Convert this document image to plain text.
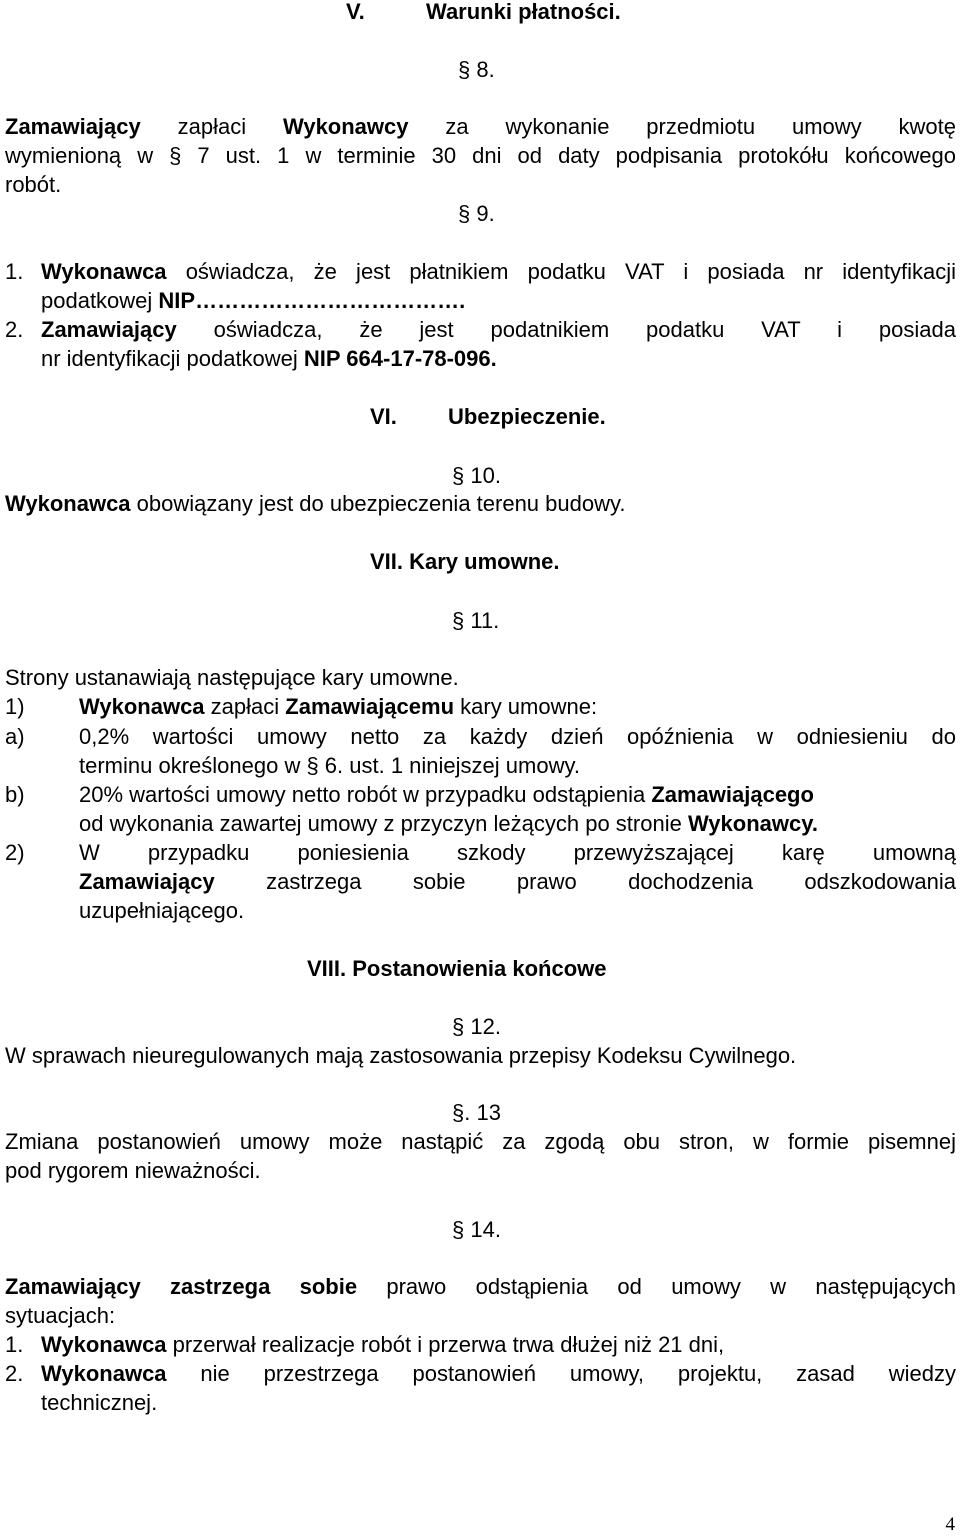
V.	Warunki płatności.
§ 8.
Zamawiający zapłaci Wykonawcy za wykonanie przedmiotu umowy kwotę
wymienioną w § 7 ust. 1 w terminie 30 dni od daty podpisania protokółu końcowego
robót.
§ 9.
1. Wykonawca oświadcza, że jest płatnikiem podatku VAT i posiada nr identyfikacji
podatkowej NIP……………………………….
2. Zamawiający oświadcza, że jest podatnikiem podatku VAT i posiada
nr identyfikacji podatkowej NIP 664-17-78-096.
VI. Ubezpieczenie.
§ 10.
Wykonawca obowiązany jest do ubezpieczenia terenu budowy.
VII. Kary umowne.
§ 11.
Strony ustanawiają następujące kary umowne.
1) Wykonawca zapłaci Zamawiającemu kary umowne:
a) 0,2% wartości umowy netto za każdy dzień opóźnienia w odniesieniu do
terminu określonego w § 6. ust. 1 niniejszej umowy.
b) 20% wartości umowy netto robót w przypadku odstąpienia Zamawiającego
od wykonania zawartej umowy z przyczyn leżących po stronie Wykonawcy.
2) W przypadku poniesienia szkody przewyższającej karę umowną
Zamawiający zastrzega sobie prawo dochodzenia odszkodowania
uzupełniającego.
VIII. Postanowienia końcowe
§ 12.
W sprawach nieuregulowanych mają zastosowania przepisy Kodeksu Cywilnego.
§. 13
Zmiana postanowień umowy może nastąpić za zgodą obu stron, w formie pisemnej
pod rygorem nieważności.
§ 14.
Zamawiający zastrzega sobie prawo odstąpienia od umowy w następujących
sytuacjach:
1. Wykonawca przerwał realizacje robót i przerwa trwa dłużej niż 21 dni,
2. Wykonawca nie przestrzega postanowień umowy, projektu, zasad wiedzy
technicznej.
4
